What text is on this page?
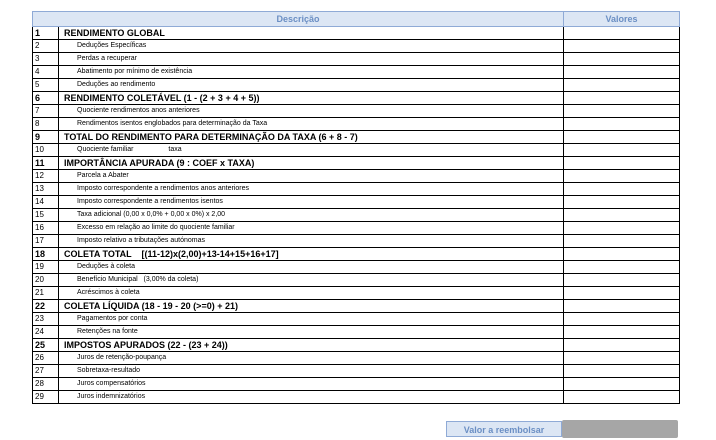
Descrição		Valores
1	RENDIMENTO GLOBAL	
2	Deduções Específicas	
3	Perdas a recuperar	
4	Abatimento por mínimo de existência	
5	Deduções ao rendimento	
6	RENDIMENTO COLETÁVEL (1 - (2 + 3 + 4 + 5))	
7	Quociente rendimentos anos anteriores	
8	Rendimentos isentos englobados para determinação da Taxa	
9	TOTAL DO RENDIMENTO PARA DETERMINAÇÃO DA TAXA (6 + 8 - 7)	
10	Quociente familiar                  taxa	
11	IMPORTÂNCIA APURADA (9 : COEF x TAXA)	
12	Parcela a Abater	
13	Imposto correspondente a rendimentos anos anteriores	
14	Imposto correspondente a rendimentos isentos	
15	Taxa adicional (0,00 x 0,0% + 0,00 x 0%) x 2,00	
16	Excesso em relação ao limite do quociente familiar	
17	Imposto relativo a tributações autónomas	
18	COLETA TOTAL    [(11-12)x(2,00)+13-14+15+16+17]	
19	Deduções à coleta	
20	Benefício Municipal   (3,00% da coleta)	
21	Acréscimos à coleta	
22	COLETA LÍQUIDA (18 - 19 - 20 (>=0) + 21)	
23	Pagamentos por conta	
24	Retenções na fonte	
25	IMPOSTOS APURADOS (22 - (23 + 24))	
26	Juros de retenção-poupança	
27	Sobretaxa-resultado	
28	Juros compensatórios	
29	Juros indemnizatórios	
Valor a reembolsar
